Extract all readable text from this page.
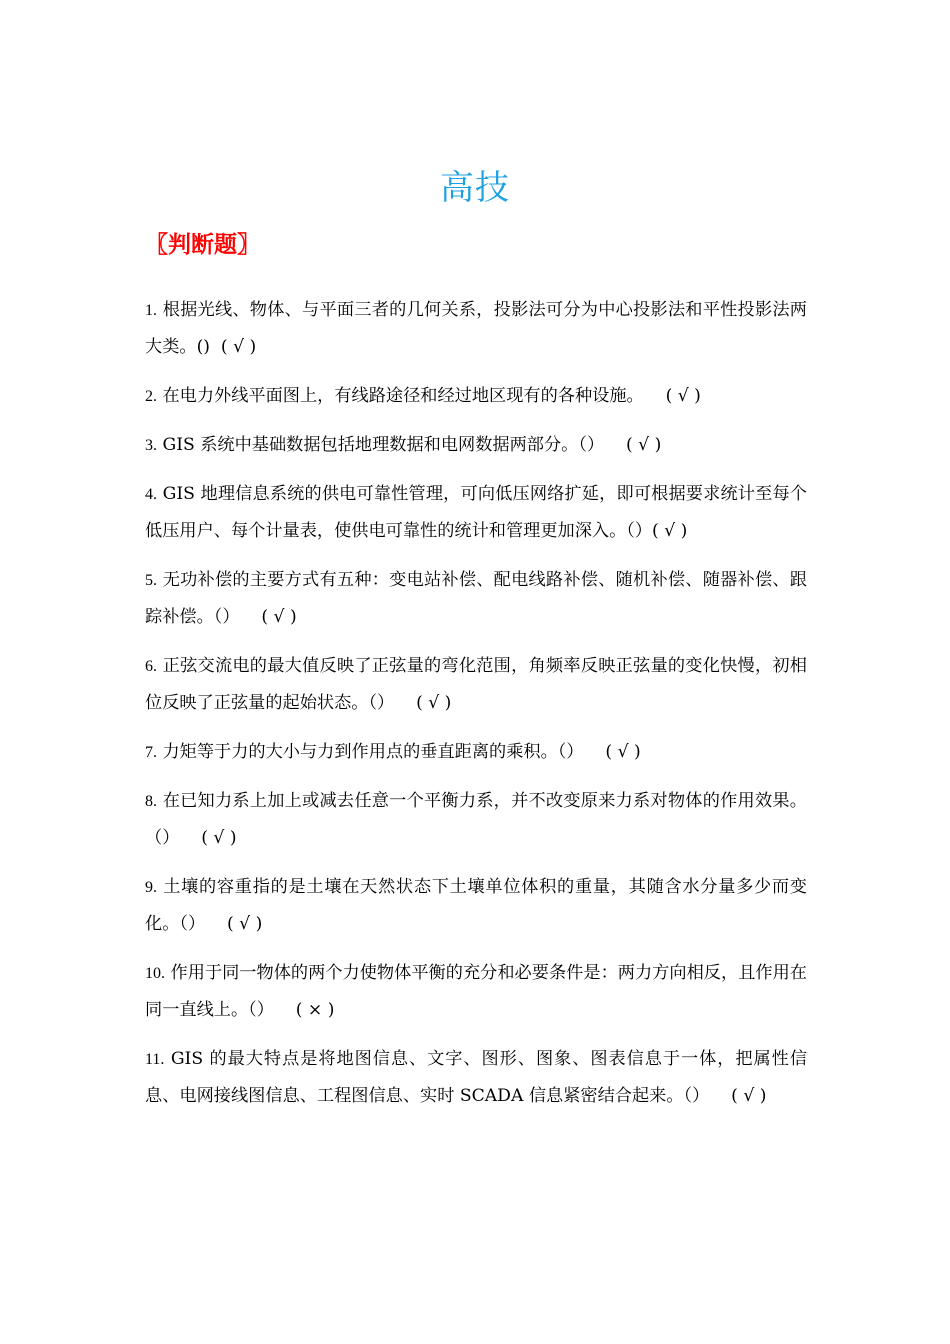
高技
〖判断题〗
1. 根据光线、物体、与平面三者的几何关系，投影法可分为中心投影法和平性投影法两大类。()  ( √ )
2. 在电力外线平面图上，有线路途径和经过地区现有的各种设施。    ( √ )
3. GIS 系统中基础数据包括地理数据和电网数据两部分。（）    ( √ )
4. GIS 地理信息系统的供电可靠性管理，可向低压网络扩延，即可根据要求统计至每个低压用户、每个计量表，使供电可靠性的统计和管理更加深入。（）( √ )
5. 无功补偿的主要方式有五种：变电站补偿、配电线路补偿、随机补偿、随器补偿、跟踪补偿。（）    ( √ )
6. 正弦交流电的最大值反映了正弦量的弯化范围，角频率反映正弦量的变化快慢，初相位反映了正弦量的起始状态。（）    ( √ )
7. 力矩等于力的大小与力到作用点的垂直距离的乘积。（）    ( √ )
8. 在已知力系上加上或减去任意一个平衡力系，并不改变原来力系对物体的作用效果。（）    ( √ )
9. 土壤的容重指的是土壤在天然状态下土壤单位体积的重量，其随含水分量多少而变化。（）    ( √ )
10. 作用于同一物体的两个力使物体平衡的充分和必要条件是：两力方向相反，且作用在同一直线上。（）    ( × )
11. GIS 的最大特点是将地图信息、文字、图形、图象、图表信息于一体，把属性信息、电网接线图信息、工程图信息、实时 SCADA 信息紧密结合起来。（）    ( √ )
